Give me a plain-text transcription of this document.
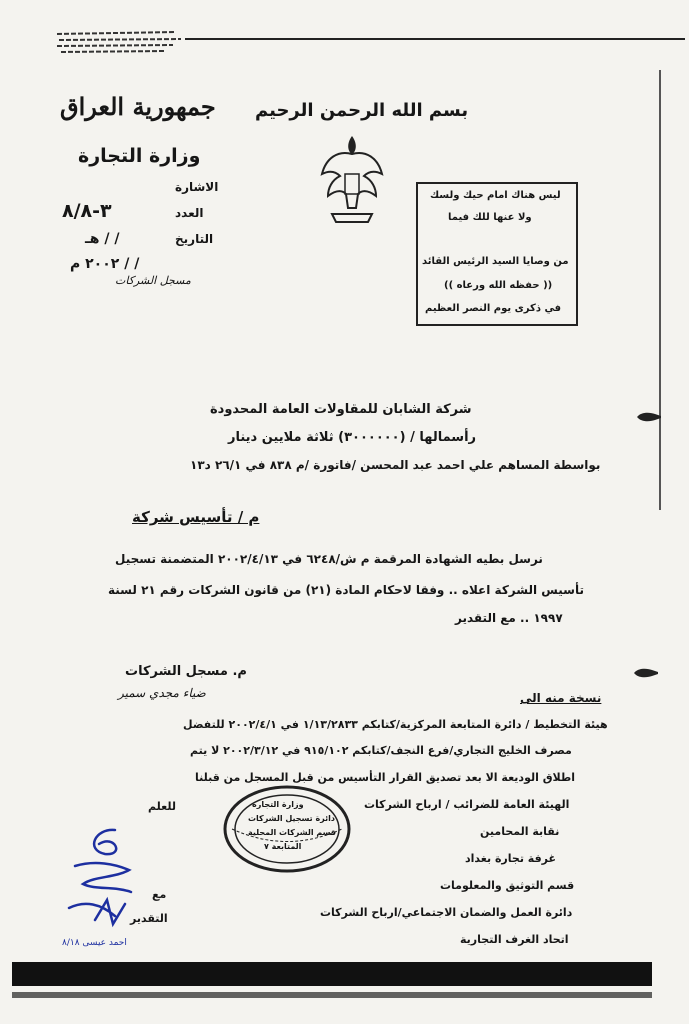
بسم الله الرحمن الرحيم
جمهورية العراق
وزارة التجارة
الاشارة
العدد
٣-٨/٨
التاريخ
/ / هـ
/ / ٢٠٠٢ م
مسجل الشركات
ليس هناك امام حيك ولسك
ولا عنها للك فيما
من وصايا السيد الرئيس القائد
(( حفظه الله ورعاه ))
في ذكرى يوم النصر العظيم
شركة الشابان للمقاولات العامة المحدودة
رأسمالها / (٣٠٠٠٠٠٠) ثلاثة ملايين دينار
بواسطة المساهم علي احمد عبد المحسن /فاتورة /م ٨٣٨ في ٢٦/١ د١٣
م / تأسيس شركة
نرسل بطيه الشهادة المرقمة م ش/٦٢٤٨ في ٢٠٠٢/٤/١٣ المتضمنة تسجيل
تأسيس الشركة اعلاه .. وفقا لاحكام المادة (٢١) من قانون الشركات رقم ٢١ لسنة
١٩٩٧ .. مع التقدير
م. مسجل الشركات
ضياء مجدي سمير	نسخة منه الى
هيئة التخطيط / دائرة المتابعة المركزية/كتابكم ١/١٣/٢٨٣٣ في ٢٠٠٢/٤/١ للتفضل
مصرف الخليج التجاري/فرع النجف/كتابكم ٩١٥/١٠٢ في ٢٠٠٢/٣/١٢ لا يتم
اطلاق الوديعة الا بعد تصديق القرار التأسيس من قبل المسجل من قبلنا
الهيئة العامة للضرائب / ارباح الشركات
نقابة المحامين
غرفة تجارة بغداد
قسم التوثيق والمعلومات
دائرة العمل والضمان الاجتماعي/ارباح الشركات
اتحاد الغرف التجارية
للعلم
مع
التقدير
وزارة التجارة
دائرة تسجيل الشركات
قسم الشركات المحلية
المتابعة ٧
احمد عيسى ٨/١٨
